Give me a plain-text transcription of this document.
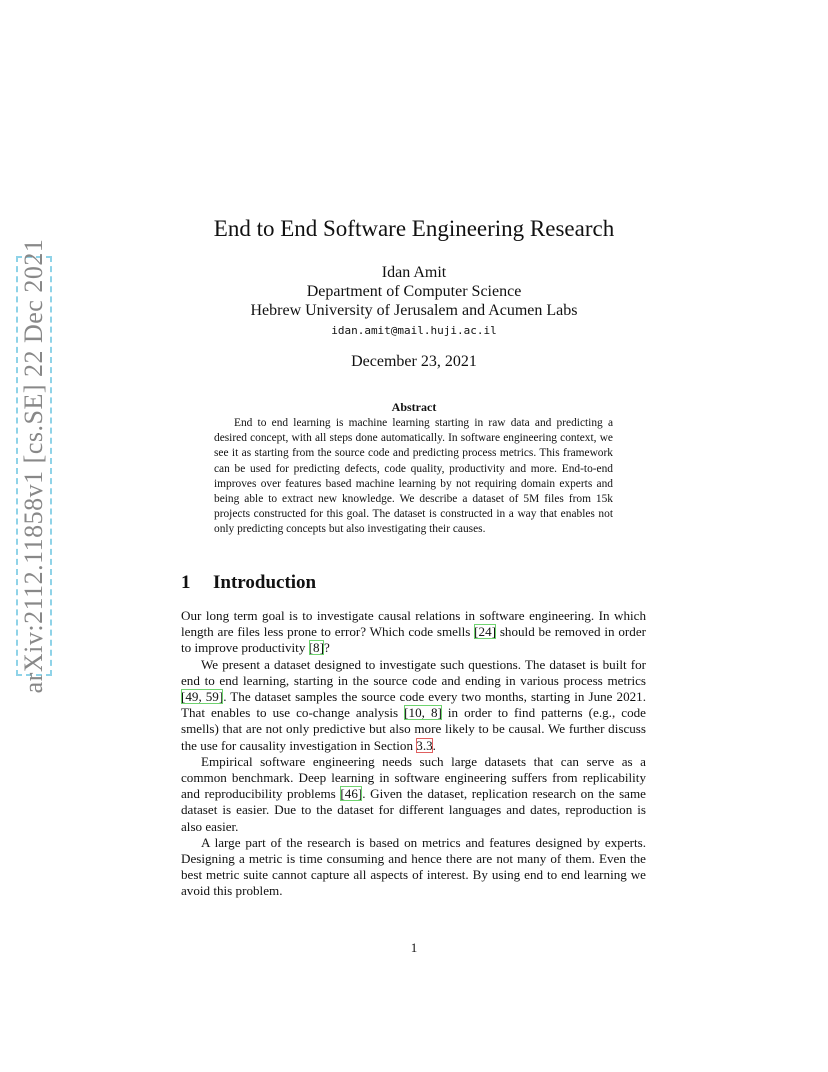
arXiv:2112.11858v1 [cs.SE] 22 Dec 2021
End to End Software Engineering Research
Idan Amit
Department of Computer Science
Hebrew University of Jerusalem and Acumen Labs
idan.amit@mail.huji.ac.il
December 23, 2021
Abstract
End to end learning is machine learning starting in raw data and predicting a desired concept, with all steps done automatically. In software engineering context, we see it as starting from the source code and predicting process metrics. This framework can be used for predicting defects, code quality, productivity and more. End-to-end improves over features based machine learning by not requiring domain experts and being able to extract new knowledge. We describe a dataset of 5M files from 15k projects constructed for this goal. The dataset is constructed in a way that enables not only predicting concepts but also investigating their causes.
1 Introduction

Our long term goal is to investigate causal relations in software engineering. In which length are files less prone to error? Which code smells [24] should be removed in order to improve productivity [8]?

We present a dataset designed to investigate such questions. The dataset is built for end to end learning, starting in the source code and ending in various process metrics [49, 59]. The dataset samples the source code every two months, starting in June 2021. That enables to use co-change analysis [10, 8] in order to find patterns (e.g., code smells) that are not only predictive but also more likely to be causal. We further discuss the use for causality investigation in Section 3.3.

Empirical software engineering needs such large datasets that can serve as a common benchmark. Deep learning in software engineering suffers from replicability and reproducibility problems [46]. Given the dataset, replication research on the same dataset is easier. Due to the dataset for different languages and dates, reproduction is also easier.

A large part of the research is based on metrics and features designed by experts. Designing a metric is time consuming and hence there are not many of them. Even the best metric suite cannot capture all aspects of interest. By using end to end learning we avoid this problem.

1
